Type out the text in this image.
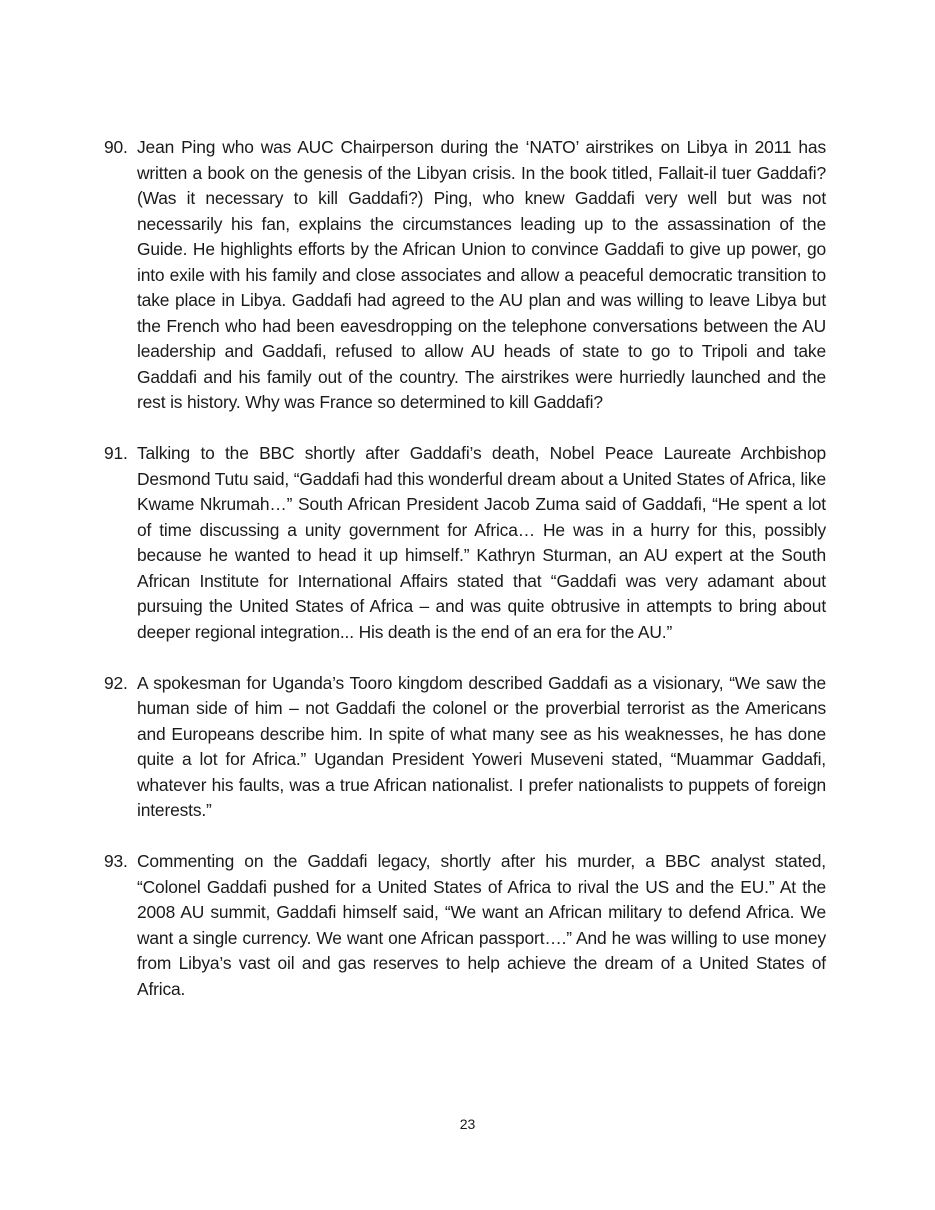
90. Jean Ping who was AUC Chairperson during the ‘NATO’ airstrikes on Libya in 2011 has written a book on the genesis of the Libyan crisis. In the book titled, Fallait-il tuer Gaddafi? (Was it necessary to kill Gaddafi?) Ping, who knew Gaddafi very well but was not necessarily his fan, explains the circumstances leading up to the assassination of the Guide. He highlights efforts by the African Union to convince Gaddafi to give up power, go into exile with his family and close associates and allow a peaceful democratic transition to take place in Libya. Gaddafi had agreed to the AU plan and was willing to leave Libya but the French who had been eavesdropping on the telephone conversations between the AU leadership and Gaddafi, refused to allow AU heads of state to go to Tripoli and take Gaddafi and his family out of the country. The airstrikes were hurriedly launched and the rest is history. Why was France so determined to kill Gaddafi?
91. Talking to the BBC shortly after Gaddafi’s death, Nobel Peace Laureate Archbishop Desmond Tutu said, “Gaddafi had this wonderful dream about a United States of Africa, like Kwame Nkrumah…” South African President Jacob Zuma said of Gaddafi, “He spent a lot of time discussing a unity government for Africa… He was in a hurry for this, possibly because he wanted to head it up himself.” Kathryn Sturman, an AU expert at the South African Institute for International Affairs stated that “Gaddafi was very adamant about pursuing the United States of Africa – and was quite obtrusive in attempts to bring about deeper regional integration... His death is the end of an era for the AU.”
92. A spokesman for Uganda’s Tooro kingdom described Gaddafi as a visionary, “We saw the human side of him – not Gaddafi the colonel or the proverbial terrorist as the Americans and Europeans describe him. In spite of what many see as his weaknesses, he has done quite a lot for Africa.” Ugandan President Yoweri Museveni stated, “Muammar Gaddafi, whatever his faults, was a true African nationalist. I prefer nationalists to puppets of foreign interests.”
93. Commenting on the Gaddafi legacy, shortly after his murder, a BBC analyst stated, “Colonel Gaddafi pushed for a United States of Africa to rival the US and the EU.” At the 2008 AU summit, Gaddafi himself said, “We want an African military to defend Africa. We want a single currency. We want one African passport….” And he was willing to use money from Libya’s vast oil and gas reserves to help achieve the dream of a United States of Africa.
23
